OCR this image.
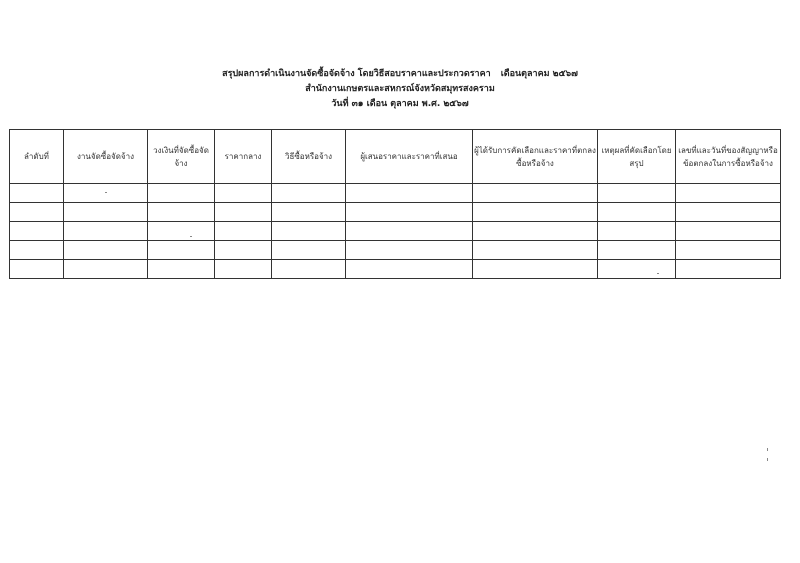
สรุปผลการดำเนินงานจัดซื้อจัดจ้าง โดยวิธีสอบราคาและประกวดราคา เดือนตุลาคม ๒๕๖๗
สำนักงานเกษตรและสหกรณ์จังหวัดสมุทรสงคราม
วันที่ ๓๑ เดือน ตุลาคม พ.ศ. ๒๕๖๗
ลำดับที่	งานจัดซื้อจัดจ้าง	วงเงินที่จัดซื้อจัดจ้าง	ราคากลาง	วิธีซื้อหรือจ้าง	ผู้เสนอราคาและราคาที่เสนอ	ผู้ได้รับการคัดเลือกและราคาที่ตกลงซื้อหรือจ้าง	เหตุผลที่คัดเลือกโดยสรุป	เลขที่และวันที่ของสัญญาหรือข้อตกลงในการซื้อหรือจ้าง
